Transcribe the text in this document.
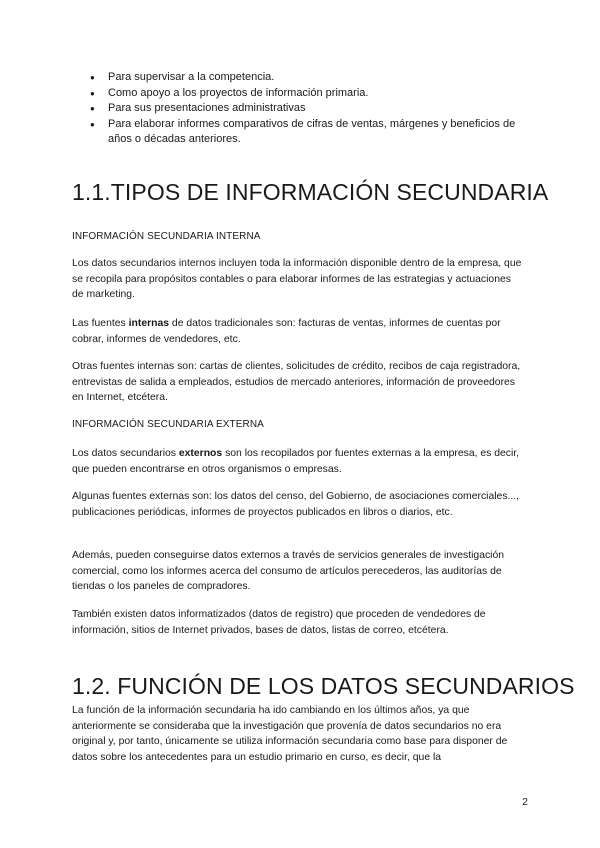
● Para supervisar a la competencia.
● Como apoyo a los proyectos de información primaria.
● Para sus presentaciones administrativas
● Para elaborar informes comparativos de cifras de ventas, márgenes y beneficios de años o décadas anteriores.
1.1.TIPOS DE INFORMACIÓN SECUNDARIA
INFORMACIÓN SECUNDARIA INTERNA

Los datos secundarios internos incluyen toda la información disponible dentro de la empresa, que se recopila para propósitos contables o para elaborar informes de las estrategias y actuaciones de marketing.

Las fuentes internas de datos tradicionales son: facturas de ventas, informes de cuentas por cobrar, informes de vendedores, etc.

Otras fuentes internas son: cartas de clientes, solicitudes de crédito, recibos de caja registradora, entrevistas de salida a empleados, estudios de mercado anteriores, información de proveedores en Internet, etcétera.

INFORMACIÓN SECUNDARIA EXTERNA

Los datos secundarios externos son los recopilados por fuentes externas a la empresa, es decir, que pueden encontrarse en otros organismos o empresas.

Algunas fuentes externas son: los datos del censo, del Gobierno, de asociaciones comerciales..., publicaciones periódicas, informes de proyectos publicados en libros o diarios, etc.

Además, pueden conseguirse datos externos a través de servicios generales de investigación comercial, como los informes acerca del consumo de artículos perecederos, las auditorías de tiendas o los paneles de compradores.

También existen datos informatizados (datos de registro) que proceden de vendedores de información, sitios de Internet privados, bases de datos, listas de correo, etcétera.

1.2. FUNCIÓN DE LOS DATOS SECUNDARIOS

La función de la información secundaria ha ido cambiando en los últimos años, ya que anteriormente se consideraba que la investigación que provenía de datos secundarios no era original y, por tanto, únicamente se utiliza información secundaria como base para disponer de datos sobre los antecedentes para un estudio primario en curso, es decir, que la

2
